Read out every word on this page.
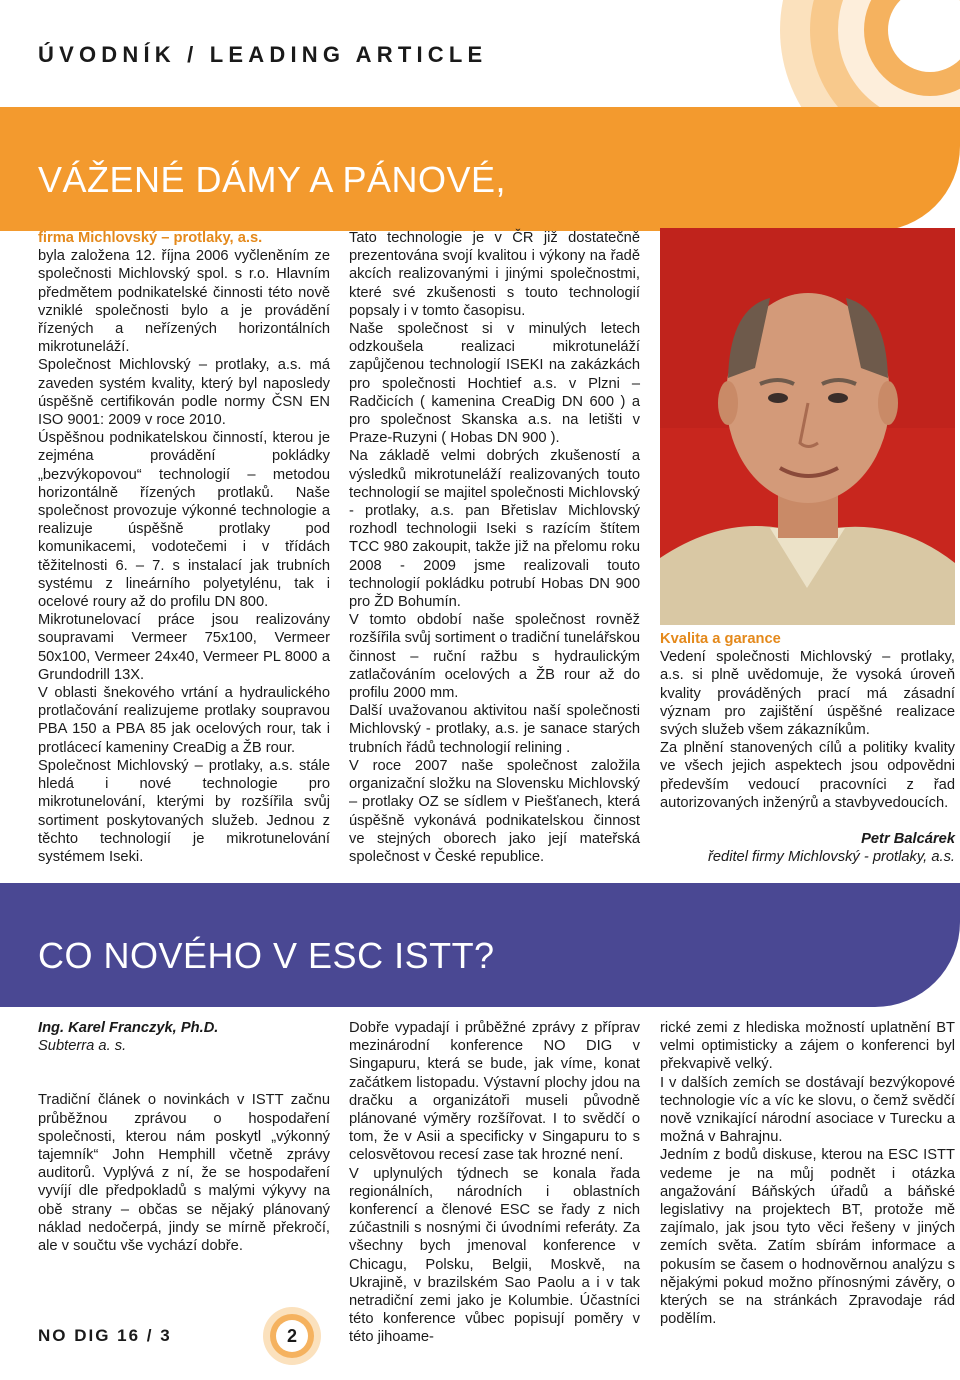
ÚVODNÍK / LEADING ARTICLE
VÁŽENÉ DÁMY A PÁNOVÉ,

firma Michlovský – protlaky, a.s.

byla založena 12. října 2006 vyčleněním ze společnosti Michlovský spol. s r.o. Hlavním předmětem podnikatelské činnosti této nově vzniklé společnosti bylo a je provádění řízených a neřízených horizontálních mikrotuneláží.

Společnost Michlovský – protlaky, a.s. má zaveden systém kvality, který byl naposledy úspěšně certifikován podle normy ČSN EN ISO 9001: 2009 v roce 2010.

Úspěšnou podnikatelskou činností, kterou je zejména provádění pokládky „bezvýkopovou“ technologií – metodou horizontálně řízených protlaků. Naše společnost provozuje výkonné technologie a realizuje úspěšně protlaky pod komunikacemi, vodotečemi i v třídách těžitelnosti 6. – 7. s instalací jak trubních systému z lineárního polyetylénu, tak i ocelové roury až do profilu DN 800.

Mikrotunelovací práce jsou realizovány soupravami Vermeer 75x100, Vermeer 50x100, Vermeer 24x40, Vermeer PL 8000 a Grundodrill 13X.

V oblasti šnekového vrtání a hydraulického protlačování realizujeme protlaky soupravou PBA 150 a PBA 85 jak ocelových rour, tak i protlácecí kameniny CreaDig a ŽB rour.

Společnost Michlovský – protlaky, a.s. stále hledá i nové technologie pro mikrotunelování, kterými by rozšířila svůj sortiment poskytovaných služeb. Jednou z těchto technologií je mikrotunelování systémem Iseki.

Tato technologie je v ČR již dostatečně prezentována svojí kvalitou i výkony na řadě akcích realizovanými i jinými společnostmi, které své zkušenosti s touto technologií popsaly i v tomto časopisu.

Naše společnost si v minulých letech odzkoušela realizaci mikrotuneláží zapůjčenou technologií ISEKI na zakázkách pro společnosti Hochtief a.s. v Plzni – Radčicích ( kamenina CreaDig DN 600 ) a pro společnost Skanska a.s. na letišti v Praze-Ruzyni ( Hobas DN 900 ).

Na základě velmi dobrých zkušeností a výsledků mikrotuneláží realizovaných touto technologií se majitel společnosti Michlovský - protlaky, a.s. pan Břetislav Michlovský rozhodl technologii Iseki s razícím štítem TCC 980 zakoupit, takže již na přelomu roku 2008 - 2009 jsme realizovali touto technologií pokládku potrubí Hobas DN 900 pro ŽD Bohumín.

V tomto období naše společnost rovněž rozšířila svůj sortiment o tradiční tunelářskou činnost – ruční ražbu s hydraulickým zatlačováním ocelových a ŽB rour až do profilu 2000 mm.

Další uvažovanou aktivitou naší společnosti Michlovský - protlaky, a.s. je sanace starých trubních řádů technologií relining .

V roce 2007 naše společnost založila organizační složku na Slovensku Michlovský – protlaky OZ se sídlem v Piešťanech, která úspěšně vykonává podnikatelskou činnost ve stejných oborech jako její mateřská společnost v České republice.

Kvalita a garance

Vedení společnosti Michlovský – protlaky, a.s. si plně uvědomuje, že vysoká úroveň kvality prováděných prací má zásadní význam pro zajištění úspěšné realizace svých služeb všem zákazníkům.

Za plnění stanovených cílů a politiky kvality ve všech jejich aspektech jsou odpovědni především vedoucí pracovníci z řad autorizovaných inženýrů a stavbyvedoucích.

Petr Balcárek

ředitel firmy Michlovský - protlaky, a.s.

CO NOVÉHO V ESC ISTT?

Ing. Karel Franczyk, Ph.D.

Subterra a. s.

Tradiční článek o novinkách v ISTT začnu průběžnou zprávou o hospodaření společnosti, kterou nám poskytl „výkonný tajemník“ John Hemphill včetně zprávy auditorů. Vyplývá z ní, že se hospodaření vyvíjí dle předpokladů s malými výkyvy na obě strany – občas se nějaký plánovaný náklad nedočerpá, jindy se mírně překročí, ale v součtu vše vychází dobře.

Dobře vypadají i průběžné zprávy z příprav mezinárodní konference NO DIG v Singapuru, která se bude, jak víme, konat začátkem listopadu. Výstavní plochy jdou na dračku a organizátoři museli původně plánované výměry rozšířovat. I to svědčí o tom, že v Asii a specificky v Singapuru to s celosvětovou recesí zase tak hrozné není.

V uplynulých týdnech se konala řada regionálních, národních i oblastních konferencí a členové ESC se řady z nich zúčastnili s nosnými či úvodními referáty. Za všechny bych jmenoval konference v Chicagu, Polsku, Belgii, Moskvě, na Ukrajině, v brazilském Sao Paolu a i v tak netradiční zemi jako je Kolumbie. Účastníci této konference vůbec popisují poměry v této jihoame-

rické zemi z hlediska možností uplatnění BT velmi optimisticky a zájem o konferenci byl překvapivě velký.

I v dalších zemích se dostávají bezvýkopové technologie víc a víc ke slovu, o čemž svědčí nově vznikající národní asociace v Turecku a možná v Bahrajnu.

Jedním z bodů diskuse, kterou na ESC ISTT vedeme je na můj podnět i otázka angažování Báňských úřadů a báňské legislativy na projektech BT, protože mě zajímalo, jak jsou tyto věci řešeny v jiných zemích světa. Zatím sbírám informace a pokusím se časem o hodnověrnou analýzu s nějakými pokud možno přínosnými závěry, o kterých se na stránkách Zpravodaje rád podělím.

NO DIG 16 / 3	2
